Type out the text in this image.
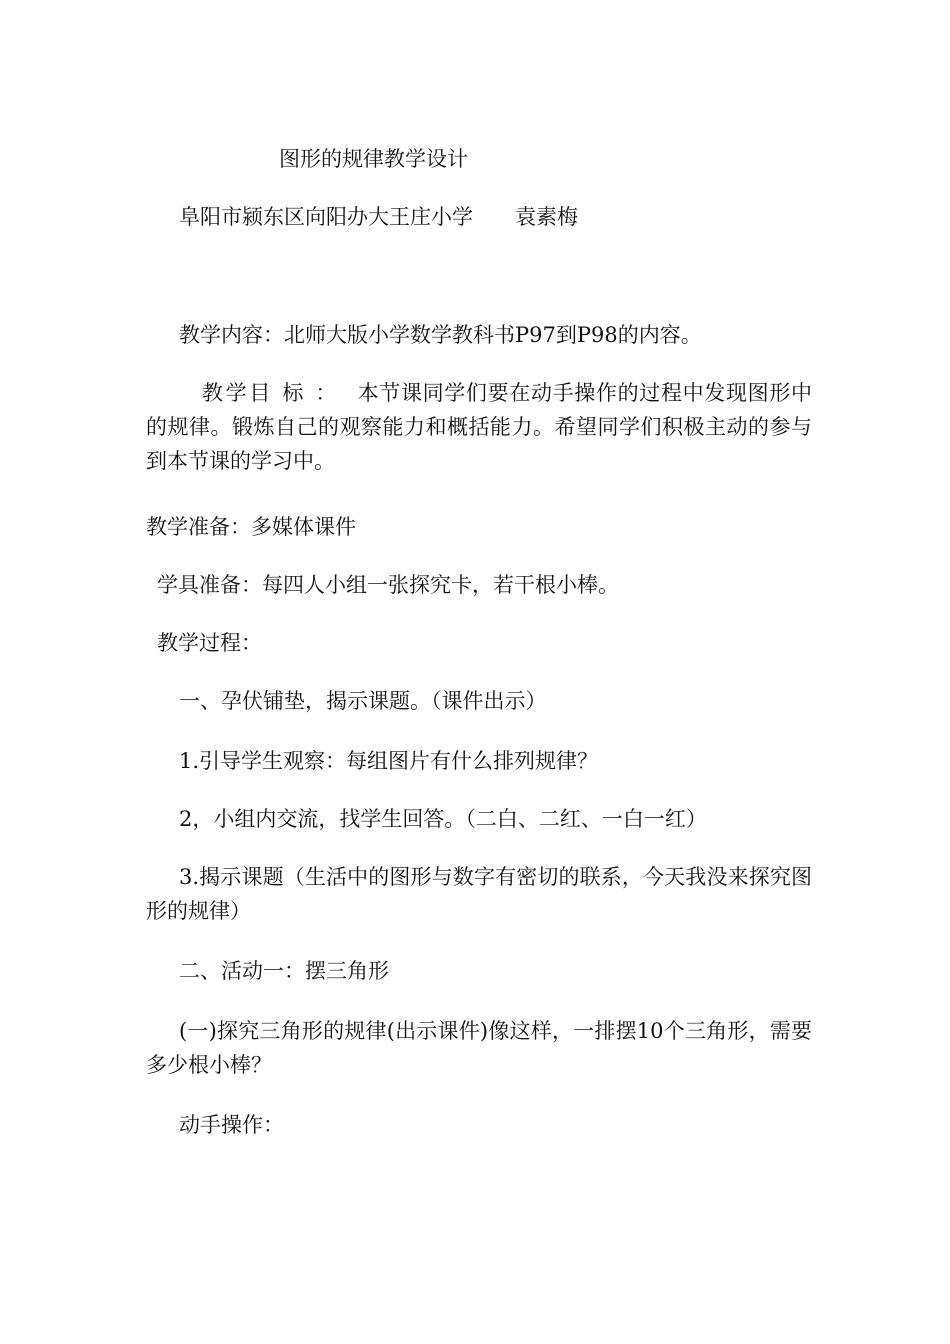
图形的规律教学设计
阜阳市颍东区向阳办大王庄小学　　袁素梅
教学内容：北师大版小学数学教科书P97到P98的内容。
教学目 标 ：　 本节课同学们要在动手操作的过程中发现图形中的规律。锻炼自己的观察能力和概括能力。希望同学们积极主动的参与到本节课的学习中。
教学准备：多媒体课件
学具准备：每四人小组一张探究卡，若干根小棒。
教学过程：
一、孕伏铺垫，揭示课题。（课件出示）
1.引导学生观察：每组图片有什么排列规律？
2，小组内交流，找学生回答。（二白、二红、一白一红）
3.揭示课题（生活中的图形与数字有密切的联系，今天我没来探究图形的规律）
二、活动一：摆三角形
(一)探究三角形的规律(出示课件)像这样，一排摆10个三角形，需要多少根小棒？
动手操作：
